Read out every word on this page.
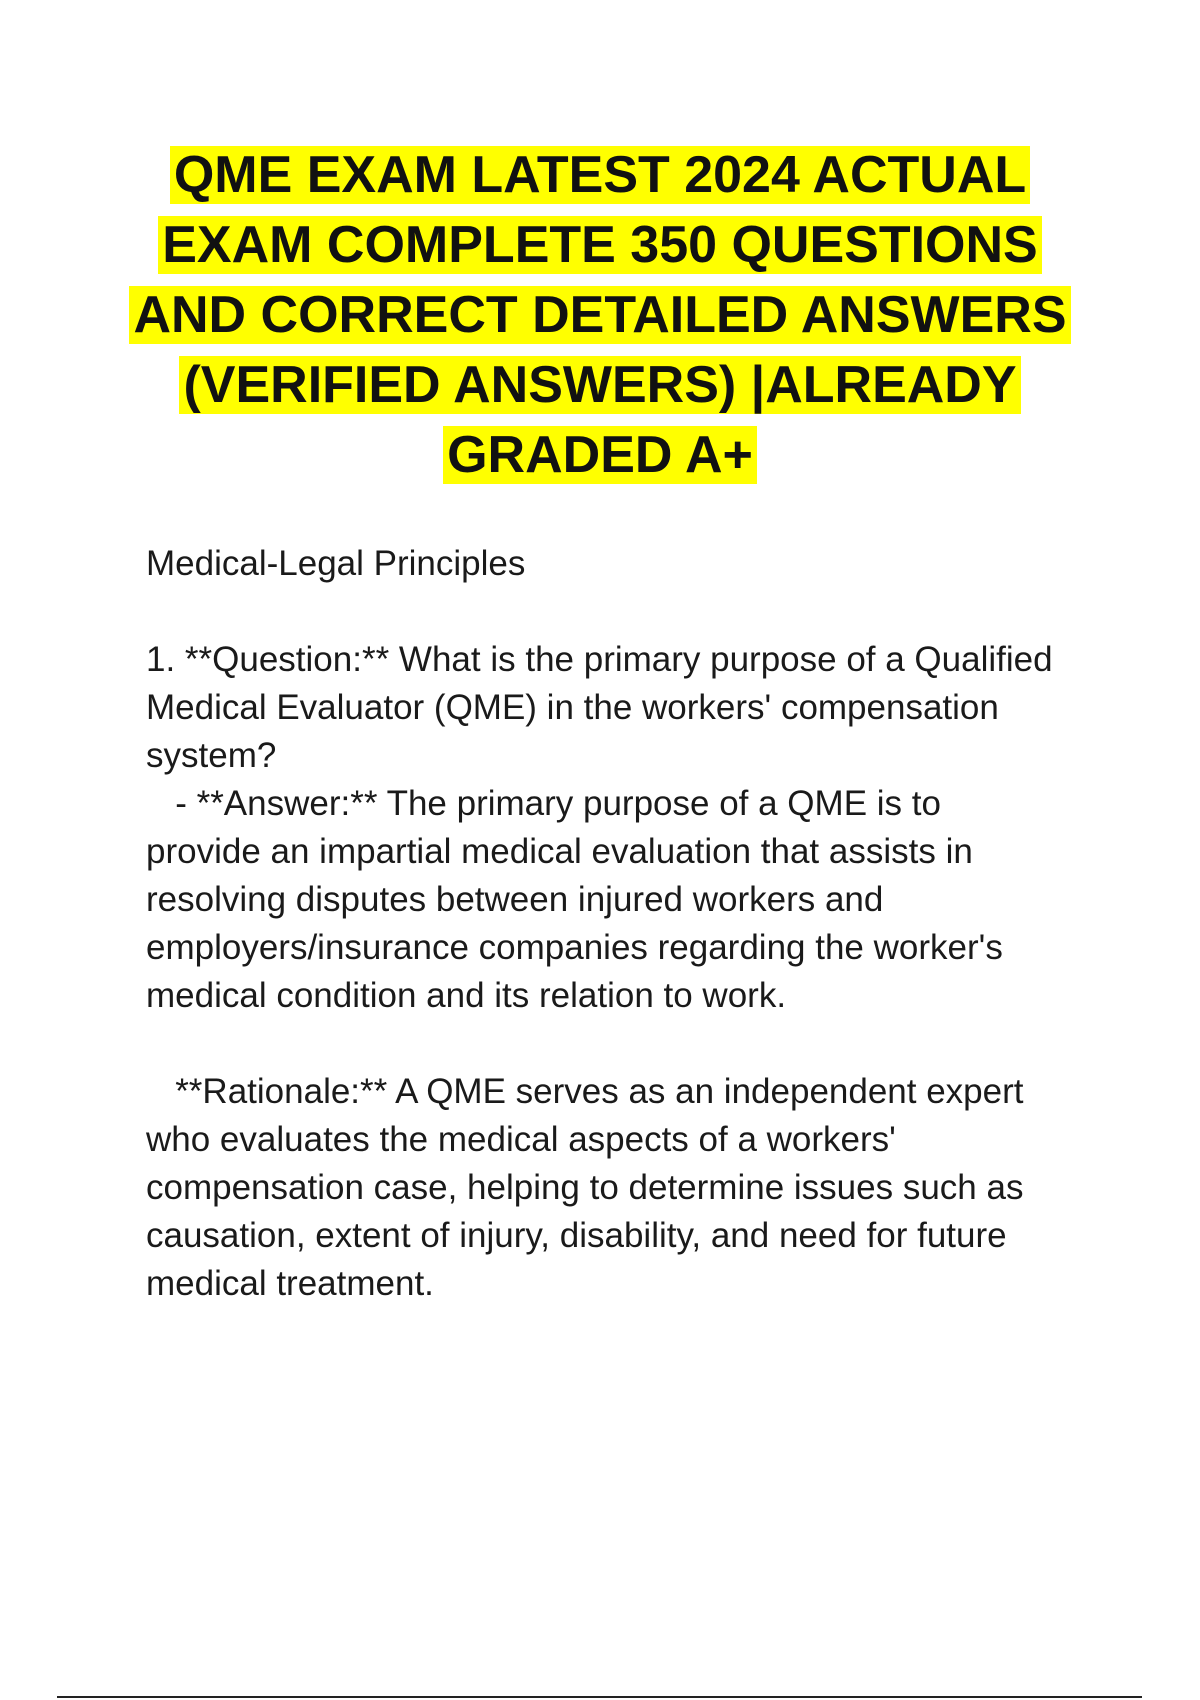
QME EXAM LATEST 2024 ACTUAL
EXAM COMPLETE 350 QUESTIONS
AND CORRECT DETAILED ANSWERS
(VERIFIED ANSWERS) |ALREADY
GRADED A+

Medical-Legal Principles

1. **Question:** What is the primary purpose of a Qualified

Medical Evaluator (QME) in the workers' compensation

system?

- **Answer:** The primary purpose of a QME is to

provide an impartial medical evaluation that assists in

resolving disputes between injured workers and

employers/insurance companies regarding the worker's

medical condition and its relation to work.

**Rationale:** A QME serves as an independent expert

who evaluates the medical aspects of a workers'

compensation case, helping to determine issues such as

causation, extent of injury, disability, and need for future

medical treatment.
